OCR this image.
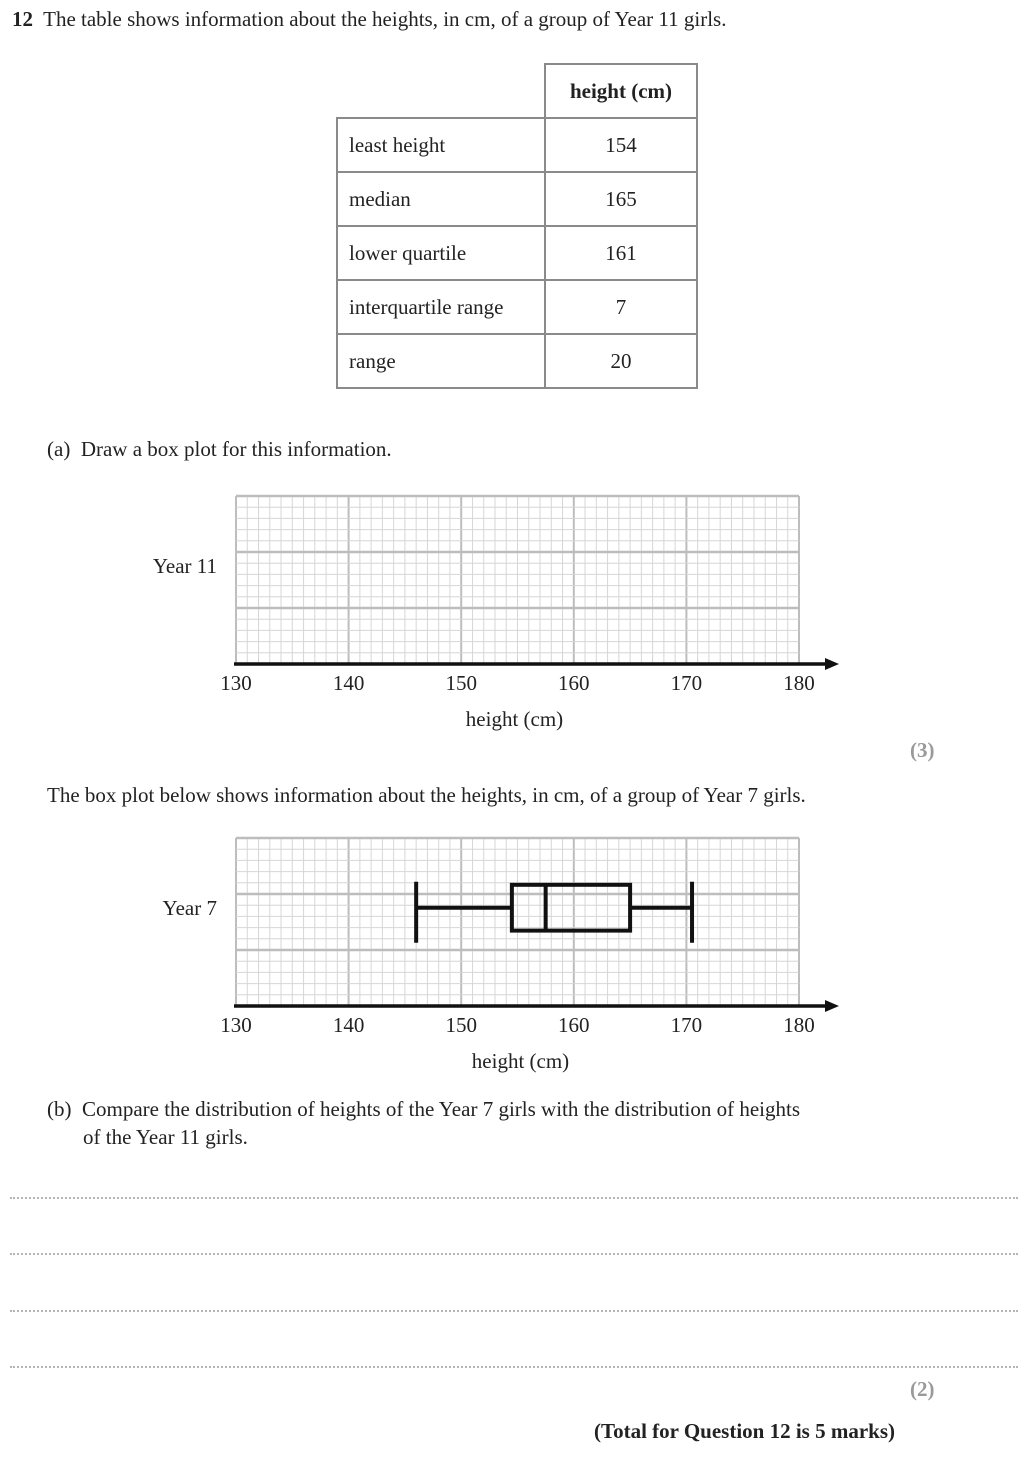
12 The table shows information about the heights, in cm, of a group of Year 11 girls.
	height (cm)
least height	154
median	165
lower quartile	161
interquartile range	7
range	20
(a) Draw a box plot for this information.
130	140	150	160	170	180
height (cm)
Year 11
(3)
The box plot below shows information about the heights, in cm, of a group of Year 7 girls.
130	140	150	160	170	180
height (cm)
Year 7
(b) Compare the distribution of heights of the Year 7 girls with the distribution of heights
of the Year 11 girls.
(2)
(Total for Question 12 is 5 marks)
